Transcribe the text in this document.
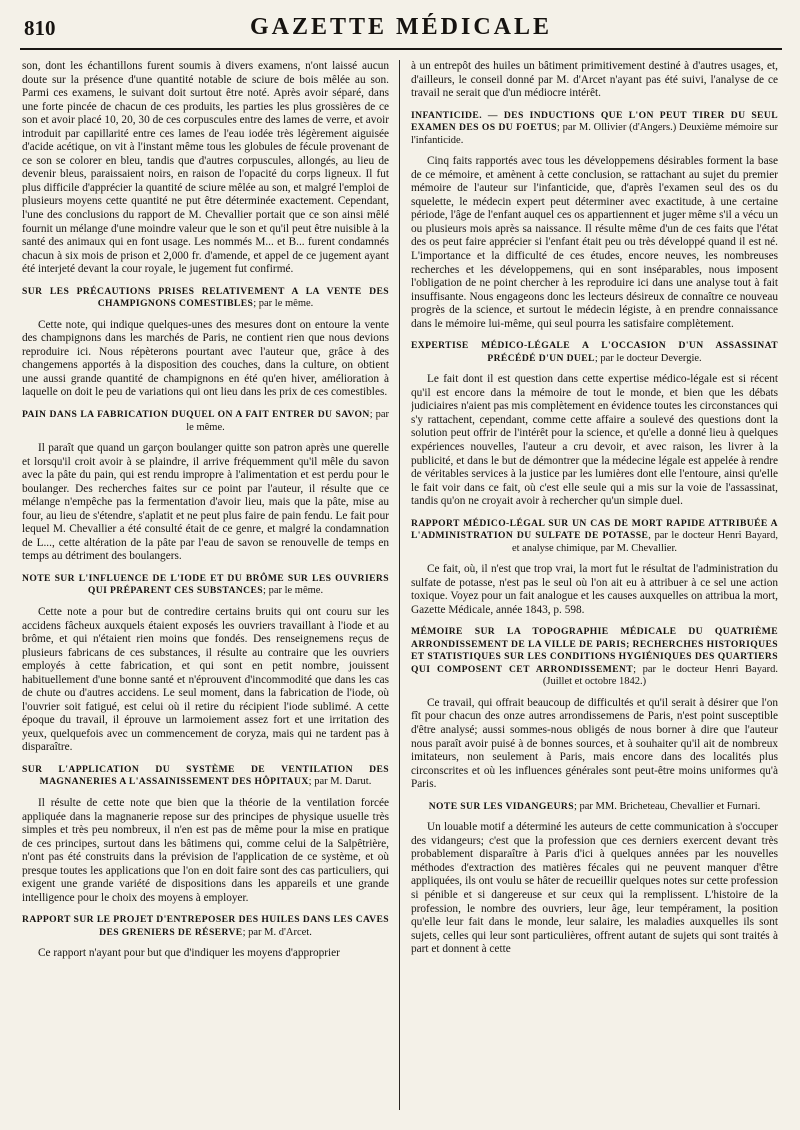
810	GAZETTE MÉDICALE

son, dont les échantillons furent soumis à divers examens, n'ont laissé aucun doute sur la présence d'une quantité notable de sciure de bois mêlée au son. Parmi ces examens, le suivant doit surtout être noté. Après avoir séparé, dans une forte pincée de chacun de ces produits, les parties les plus grossières de ce son et avoir placé 10, 20, 30 de ces corpuscules entre des lames de verre, et avoir introduit par capillarité entre ces lames de l'eau iodée très légèrement aiguisée d'acide acétique, on vit à l'instant même tous les globules de fécule provenant de ce son se colorer en bleu, tandis que d'autres corpuscules, allongés, au lieu de devenir bleus, paraissaient noirs, en raison de l'opacité du corps ligneux. Il fut plus difficile d'apprécier la quantité de sciure mêlée au son, et malgré l'emploi de plusieurs moyens cette quantité ne put être déterminée exactement. Cependant, l'une des conclusions du rapport de M. Chevallier portait que ce son ainsi mêlé fournit un mélange d'une moindre valeur que le son et qu'il peut être nuisible à la santé des animaux qui en font usage. Les nommés M... et B... furent condamnés chacun à six mois de prison et 2,000 fr. d'amende, et appel de ce jugement ayant été interjeté devant la cour royale, le jugement fut confirmé.

SUR LES PRÉCAUTIONS PRISES RELATIVEMENT A LA VENTE DES CHAMPIGNONS COMESTIBLES; par le même.

Cette note, qui indique quelques-unes des mesures dont on entoure la vente des champignons dans les marchés de Paris, ne contient rien que nous devions reproduire ici. Nous répèterons pourtant avec l'auteur que, grâce à des changemens apportés à la disposition des couches, dans la culture, on obtient une aussi grande quantité de champignons en été qu'en hiver, amélioration à laquelle on doit le peu de variations qui ont lieu dans les prix de ces comestibles.

PAIN DANS LA FABRICATION DUQUEL ON A FAIT ENTRER DU SAVON; par le même.

Il paraît que quand un garçon boulanger quitte son patron après une querelle et lorsqu'il croit avoir à se plaindre, il arrive fréquemment qu'il mêle du savon avec la pâte du pain, qui est rendu impropre à l'alimentation et est perdu pour le boulanger. Des recherches faites sur ce point par l'auteur, il résulte que ce mélange n'empêche pas la fermentation d'avoir lieu, mais que la pâte, mise au four, au lieu de s'étendre, s'aplatit et ne peut plus faire de pain fendu. Le fait pour lequel M. Chevallier a été consulté était de ce genre, et malgré la condamnation de L..., cette altération de la pâte par l'eau de savon se renouvelle de temps en temps au détriment des boulangers.

NOTE SUR L'INFLUENCE DE L'IODE ET DU BRÔME SUR LES OUVRIERS QUI PRÉPARENT CES SUBSTANCES; par le même.

Cette note a pour but de contredire certains bruits qui ont couru sur les accidens fâcheux auxquels étaient exposés les ouvriers travaillant à l'iode et au brôme, et qui n'étaient rien moins que fondés. Des renseignemens reçus de plusieurs fabricans de ces substances, il résulte au contraire que les ouvriers employés à cette fabrication, et qui sont en petit nombre, jouissent habituellement d'une bonne santé et n'éprouvent d'incommodité que dans les cas de chute ou d'autres accidens. Le seul moment, dans la fabrication de l'iode, où l'ouvrier soit fatigué, est celui où il retire du récipient l'iode sublimé. A cette époque du travail, il éprouve un larmoiement assez fort et une irritation des yeux, quelquefois avec un commencement de coryza, mais qui ne tardent pas à disparaître.

SUR L'APPLICATION DU SYSTÈME DE VENTILATION DES MAGNANERIES A L'ASSAINISSEMENT DES HÔPITAUX; par M. Darut.

Il résulte de cette note que bien que la théorie de la ventilation forcée appliquée dans la magnanerie repose sur des principes de physique usuelle très simples et très peu nombreux, il n'en est pas de même pour la mise en pratique de ces principes, surtout dans les bâtimens qui, comme celui de la Salpêtrière, n'ont pas été construits dans la prévision de l'application de ce système, et où presque toutes les applications que l'on en doit faire sont des cas particuliers, qui exigent une grande variété de dispositions dans les appareils et une grande intelligence pour le choix des moyens à employer.

RAPPORT SUR LE PROJET D'ENTREPOSER DES HUILES DANS LES CAVES DES GRENIERS DE RÉSERVE; par M. d'Arcet.

Ce rapport n'ayant pour but que d'indiquer les moyens d'approprier

à un entrepôt des huiles un bâtiment primitivement destiné à d'autres usages, et, d'ailleurs, le conseil donné par M. d'Arcet n'ayant pas été suivi, l'analyse de ce travail ne serait que d'un médiocre intérêt.

INFANTICIDE. — DES INDUCTIONS QUE L'ON PEUT TIRER DU SEUL EXAMEN DES OS DU FOETUS; par M. Ollivier (d'Angers.) Deuxième mémoire sur l'infanticide.

Cinq faits rapportés avec tous les développemens désirables forment la base de ce mémoire, et amènent à cette conclusion, se rattachant au sujet du premier mémoire de l'auteur sur l'infanticide, que, d'après l'examen seul des os du squelette, le médecin expert peut déterminer avec exactitude, à une certaine période, l'âge de l'enfant auquel ces os appartiennent et juger même s'il a vécu un ou plusieurs mois après sa naissance. Il résulte même d'un de ces faits que l'état des os peut faire apprécier si l'enfant était peu ou très développé quand il est né. L'importance et la difficulté de ces études, encore neuves, les nombreuses recherches et les développemens, qui en sont inséparables, nous imposent l'obligation de ne point chercher à les reproduire ici dans une analyse tout à fait insuffisante. Nous engageons donc les lecteurs désireux de connaître ce nouveau progrès de la science, et surtout le médecin légiste, à en prendre connaissance dans le mémoire lui-même, qui seul pourra les satisfaire complètement.

EXPERTISE MÉDICO-LÉGALE A L'OCCASION D'UN ASSASSINAT PRÉCÉDÉ D'UN DUEL; par le docteur Devergie.

Le fait dont il est question dans cette expertise médico-légale est si récent qu'il est encore dans la mémoire de tout le monde, et bien que les débats judiciaires n'aient pas mis complètement en évidence toutes les circonstances qui s'y rattachent, cependant, comme cette affaire a soulevé des questions dont la solution peut offrir de l'intérêt pour la science, et qu'elle a donné lieu à quelques expériences nouvelles, l'auteur a cru devoir, et avec raison, les livrer à la publicité, et dans le but de démontrer que la médecine légale est appelée à rendre de véritables services à la justice par les lumières dont elle l'entoure, ainsi qu'elle le fait voir dans ce fait, où c'est elle seule qui a mis sur la voie de l'assassinat, tandis qu'on ne croyait avoir à rechercher qu'un simple duel.

RAPPORT MÉDICO-LÉGAL SUR UN CAS DE MORT RAPIDE ATTRIBUÉE A L'ADMINISTRATION DU SULFATE DE POTASSE, par le docteur Henri Bayard, et analyse chimique, par M. Chevallier.

Ce fait, où, il n'est que trop vrai, la mort fut le résultat de l'administration du sulfate de potasse, n'est pas le seul où l'on ait eu à attribuer à ce sel une action toxique. Voyez pour un fait analogue et les causes auxquelles on attribua la mort, Gazette Médicale, année 1843, p. 598.

MÉMOIRE SUR LA TOPOGRAPHIE MÉDICALE DU QUATRIÈME ARRONDISSEMENT DE LA VILLE DE PARIS; RECHERCHES HISTORIQUES ET STATISTIQUES SUR LES CONDITIONS HYGIÉNIQUES DES QUARTIERS QUI COMPOSENT CET ARRONDISSEMENT; par le docteur Henri Bayard. (Juillet et octobre 1842.)

Ce travail, qui offrait beaucoup de difficultés et qu'il serait à désirer que l'on fît pour chacun des onze autres arrondissemens de Paris, n'est point susceptible d'être analysé; aussi sommes-nous obligés de nous borner à dire que l'auteur nous paraît avoir puisé à de bonnes sources, et à souhaiter qu'il ait de nombreux imitateurs, non seulement à Paris, mais encore dans des localités plus circonscrites et où les influences générales sont peut-être moins uniformes qu'à Paris.

NOTE SUR LES VIDANGEURS; par MM. Bricheteau, Chevallier et Furnari.

Un louable motif a déterminé les auteurs de cette communication à s'occuper des vidangeurs; c'est que la profession que ces derniers exercent devant très probablement disparaître à Paris d'ici à quelques années par les nouvelles méthodes d'extraction des matières fécales qui ne peuvent manquer d'être appliquées, ils ont voulu se hâter de recueillir quelques notes sur cette profession si pénible et si dangereuse et sur ceux qui la remplissent. L'histoire de la profession, le nombre des ouvriers, leur âge, leur tempérament, la position qu'elle leur fait dans le monde, leur salaire, les maladies auxquelles ils sont sujets, celles qui leur sont particulières, offrent autant de sujets qui sont traités à part et donnent à cette
